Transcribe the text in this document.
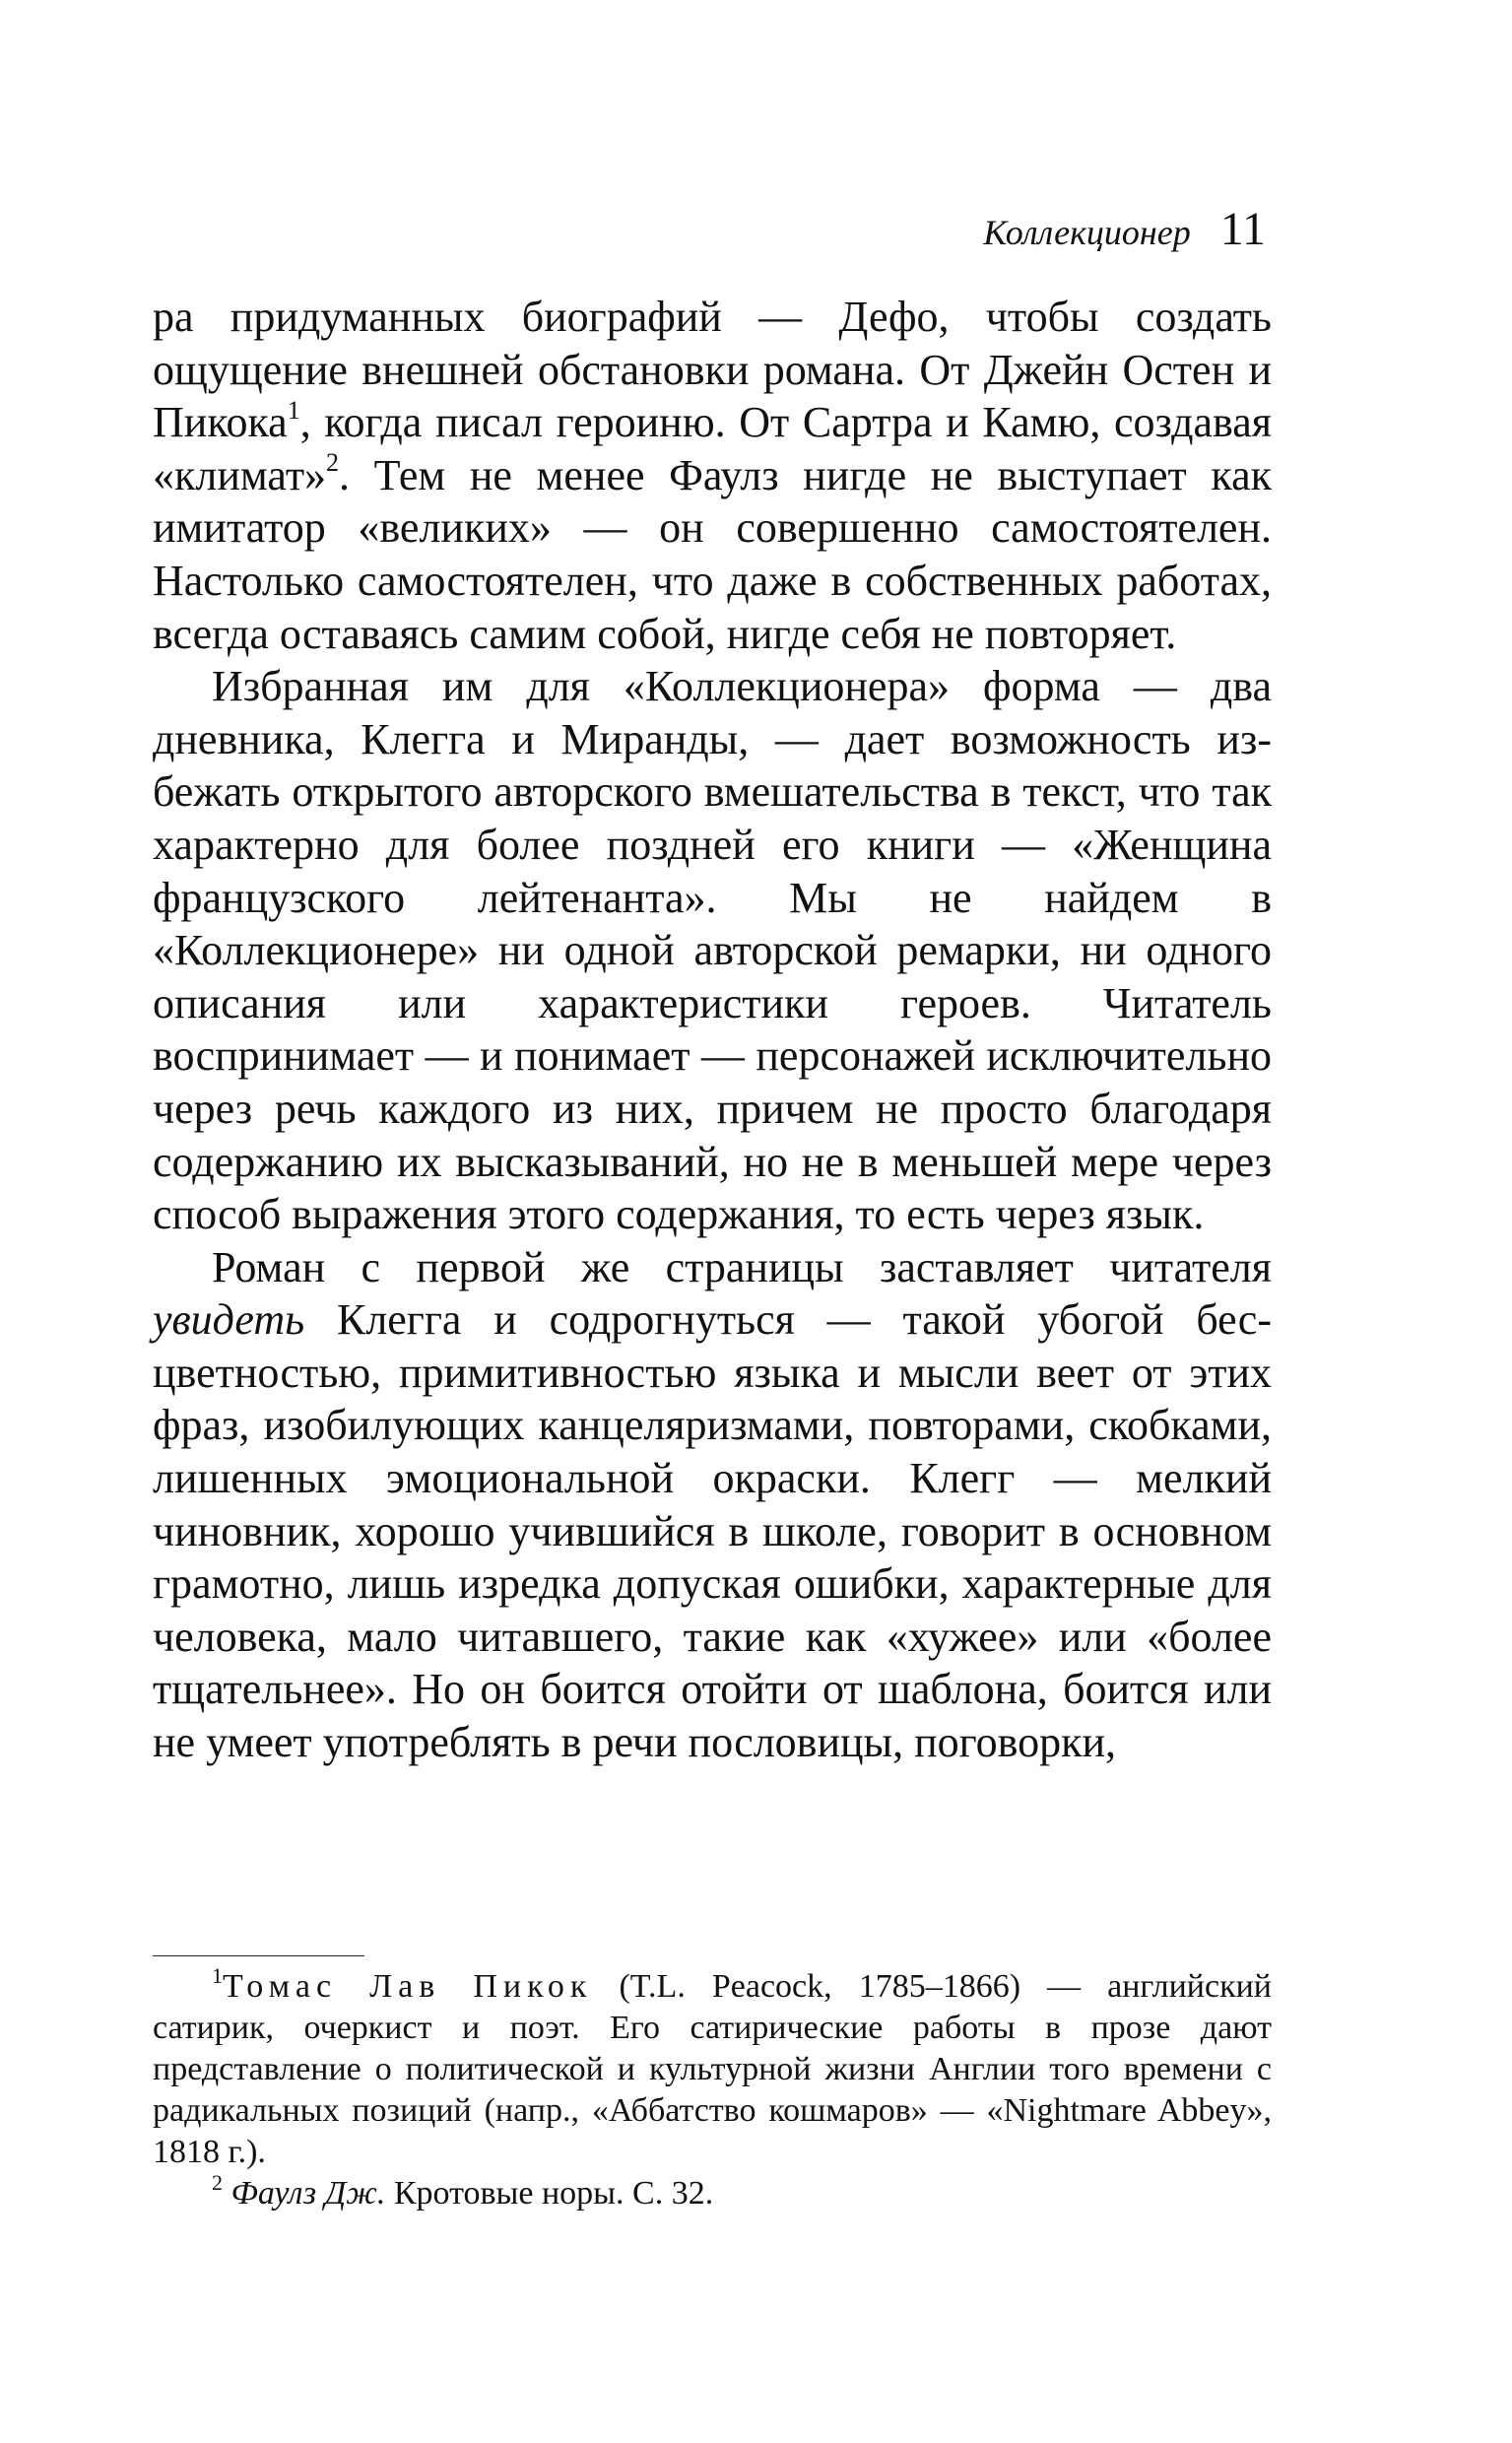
Коллекционер 11

ра придуманных биографий — Дефо, чтобы создать ощущение внешней обстановки романа. От Джейн Остен и Пикока$^1$, когда писал героиню. От Сартра и Камю, создавая «климат»$^2$. Тем не менее Фаулз нигде не выступает как имитатор «великих» — он совершенно самостоятелен. Настолько самостоятелен, что даже в собственных работах, всегда оставаясь самим собой, нигде себя не повторяет.

Избранная им для «Коллекционера» форма — два дневника, Клегга и Миранды, — дает возможность избежать открытого авторского вмешательства в текст, что так характерно для более поздней его книги — «Женщина французского лейтенанта». Мы не найдем в «Коллекционере» ни одной авторской ремарки, ни одного описания или характеристики героев. Читатель воспринимает — и понимает — персонажей исключительно через речь каждого из них, причем не просто благодаря содержанию их высказываний, но не в меньшей мере через способ выражения этого содержания, то есть через язык.

Роман с первой же страницы заставляет читателя увидеть Клегга и содрогнуться — такой убогой бесцветностью, примитивностью языка и мысли веет от этих фраз, изобилующих канцеляризмами, повторами, скобками, лишенных эмоциональной окраски. Клегг — мелкий чиновник, хорошо учившийся в школе, говорит в основном грамотно, лишь изредка допуская ошибки, характерные для человека, мало читавшего, такие как «хужее» или «более тщательнее». Но он боится отойти от шаблона, боится или не умеет употреблять в речи пословицы, поговорки,

$^1$Томас Лав Пикок (T.L. Peacock, 1785–1866) — английский сатирик, очеркист и поэт. Его сатирические работы в прозе дают представление о политической и культурной жизни Англии того времени с радикальных позиций (напр., «Аббатство кошмаров» — «Nightmare Abbey», 1818 г.).

$^2$ Фаулз Дж. Кротовые норы. С. 32.
